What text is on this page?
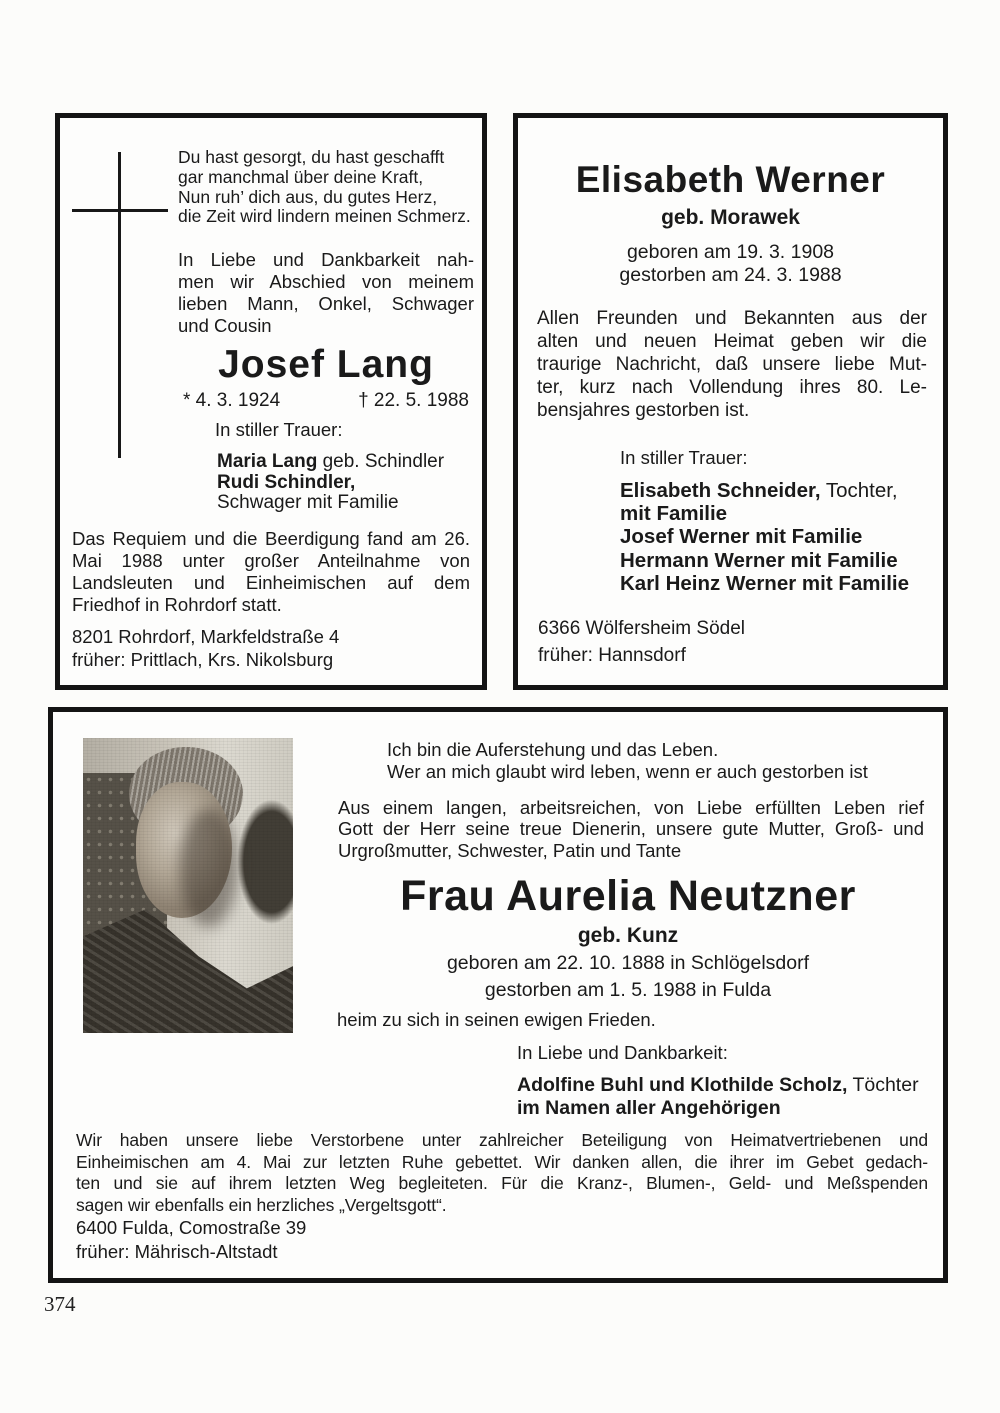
Du hast gesorgt, du hast geschafft
gar manchmal über deine Kraft,
Nun ruh’ dich aus, du gutes Herz,
die Zeit wird lindern meinen Schmerz.
In Liebe und Dankbarkeit nah-
men wir Abschied von meinem
lieben Mann, Onkel, Schwager
und Cousin
Josef Lang
* 4. 3. 1924	† 22. 5. 1988
In stiller Trauer:
Maria Lang geb. Schindler
Rudi Schindler,
Schwager mit Familie
Das Requiem und die Beerdigung fand am 26.
Mai 1988 unter großer Anteilnahme von
Landsleuten und Einheimischen auf dem
Friedhof in Rohrdorf statt.
8201 Rohrdorf, Markfeldstraße 4
früher: Prittlach, Krs. Nikolsburg
Elisabeth Werner
geb. Morawek
geboren am 19. 3. 1908
gestorben am 24. 3. 1988
Allen Freunden und Bekannten aus der
alten und neuen Heimat geben wir die
traurige Nachricht, daß unsere liebe Mut-
ter, kurz nach Vollendung ihres 80. Le-
bensjahres gestorben ist.
In stiller Trauer:
Elisabeth Schneider, Tochter,
mit Familie
Josef Werner mit Familie
Hermann Werner mit Familie
Karl Heinz Werner mit Familie
6366 Wölfersheim Södel
früher: Hannsdorf
Ich bin die Auferstehung und das Leben.
Wer an mich glaubt wird leben, wenn er auch gestorben ist
Aus einem langen, arbeitsreichen, von Liebe erfüllten Leben rief
Gott der Herr seine treue Dienerin, unsere gute Mutter, Groß- und
Urgroßmutter, Schwester, Patin und Tante
Frau Aurelia Neutzner
geb. Kunz
geboren am 22. 10. 1888 in Schlögelsdorf
gestorben am 1. 5. 1988 in Fulda
heim zu sich in seinen ewigen Frieden.
In Liebe und Dankbarkeit:
Adolfine Buhl und Klothilde Scholz, Töchter
im Namen aller Angehörigen
Wir haben unsere liebe Verstorbene unter zahlreicher Beteiligung von Heimatvertriebenen und
Einheimischen am 4. Mai zur letzten Ruhe gebettet. Wir danken allen, die ihrer im Gebet gedach-
ten und sie auf ihrem letzten Weg begleiteten. Für die Kranz-, Blumen-, Geld- und Meßspenden
sagen wir ebenfalls ein herzliches „Vergeltsgott“.
6400 Fulda, Comostraße 39
früher: Mährisch-Altstadt
374
